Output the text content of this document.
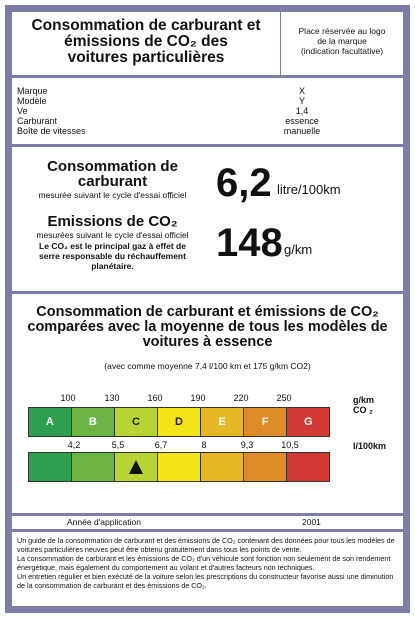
Consommation de carburant et
émissions de CO₂ des
voitures particulières
Place réservée au logo
de la marque
(indication facultative)
Marque	X
Modèle	Y
Ve	1,4
Carburant	essence
Boîte de vitesses	manuelle
Consommation de
carburant
mesurée suivant le cycle d'essai officiel 6,2 litre/100km
Emissions de CO₂
mesurées suivant le cycle d'essai officiel
Le CO₂ est le principal gaz à effet de
serre responsable du réchauffement
planétaire.
148 g/km
Consommation de carburant et émissions de CO₂
comparées avec la moyenne de tous les modèles de
voitures à essence
(avec comme moyenne 7,4 l/100 km et 175 g/km CO2)
100	130	160	190	220	250	g/km
CO ₂
A	B	C	D	E	F	G
4,2	5,5	6,7	8	9,3	10,5	l/100km
Année d'application	2001

Un guide de la consommation de carburant et des émissions de CO₂ contenant des données pour tous les modèles de voitures particulières neuves peut être obtenu gratuitement dans tous les points de vente.

La consommation de carburant et les émissions de CO₂ d'un véhicule sont fonction non seulement de son rendement énergétique, mais également du comportement au volant et d'autres facteurs non techniques.

Un entretien régulier et bien exécuté de la voiture selon les prescriptions du constructeur favorise aussi une diminution de la consommation de carburant et des émissions de CO₂.
